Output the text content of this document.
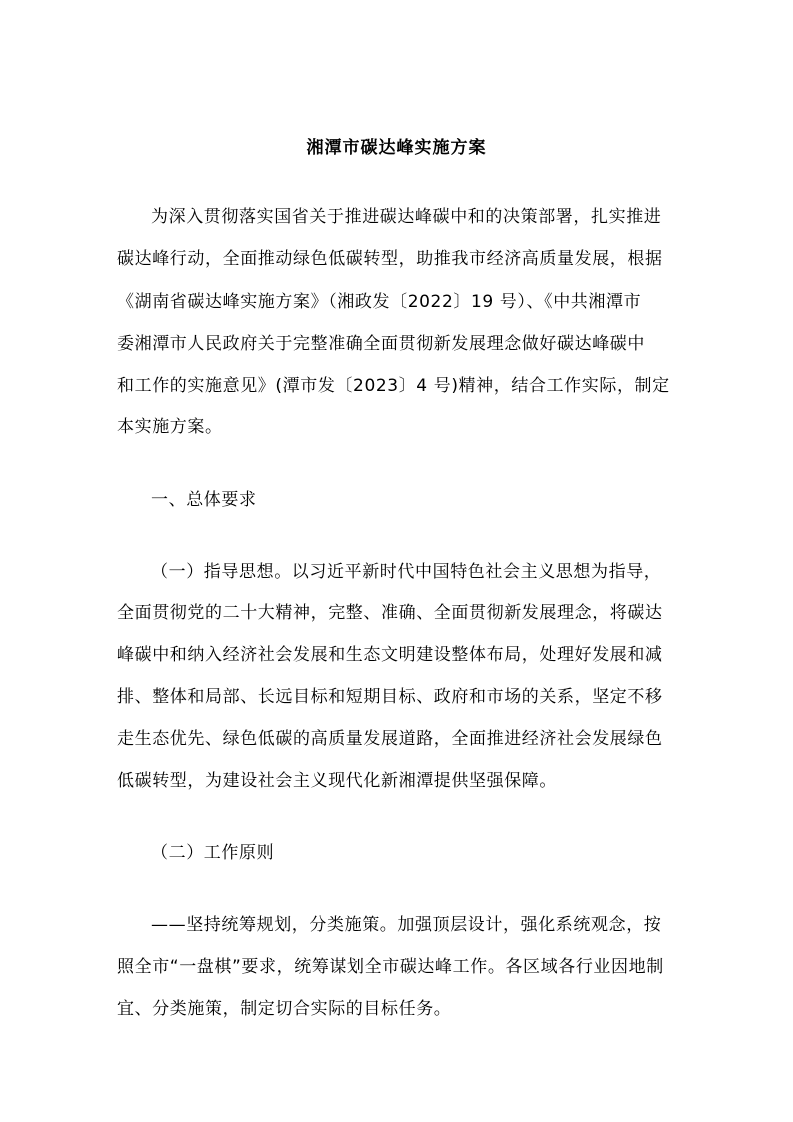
湘潭市碳达峰实施方案
为深入贯彻落实国省关于推进碳达峰碳中和的决策部署，扎实推进
碳达峰行动，全面推动绿色低碳转型，助推我市经济高质量发展，根据
《湖南省碳达峰实施方案》（湘政发〔2022〕19 号）、《中共湘潭市
委湘潭市人民政府关于完整准确全面贯彻新发展理念做好碳达峰碳中
和工作的实施意见》(潭市发〔2023〕4 号)精神，结合工作实际，制定
本实施方案。
一、总体要求
（一）指导思想。以习近平新时代中国特色社会主义思想为指导，
全面贯彻党的二十大精神，完整、准确、全面贯彻新发展理念，将碳达
峰碳中和纳入经济社会发展和生态文明建设整体布局，处理好发展和减
排、整体和局部、长远目标和短期目标、政府和市场的关系，坚定不移
走生态优先、绿色低碳的高质量发展道路，全面推进经济社会发展绿色
低碳转型，为建设社会主义现代化新湘潭提供坚强保障。
（二）工作原则
——坚持统筹规划，分类施策。加强顶层设计，强化系统观念，按
照全市“一盘棋”要求，统筹谋划全市碳达峰工作。各区域各行业因地制
宜、分类施策，制定切合实际的目标任务。
